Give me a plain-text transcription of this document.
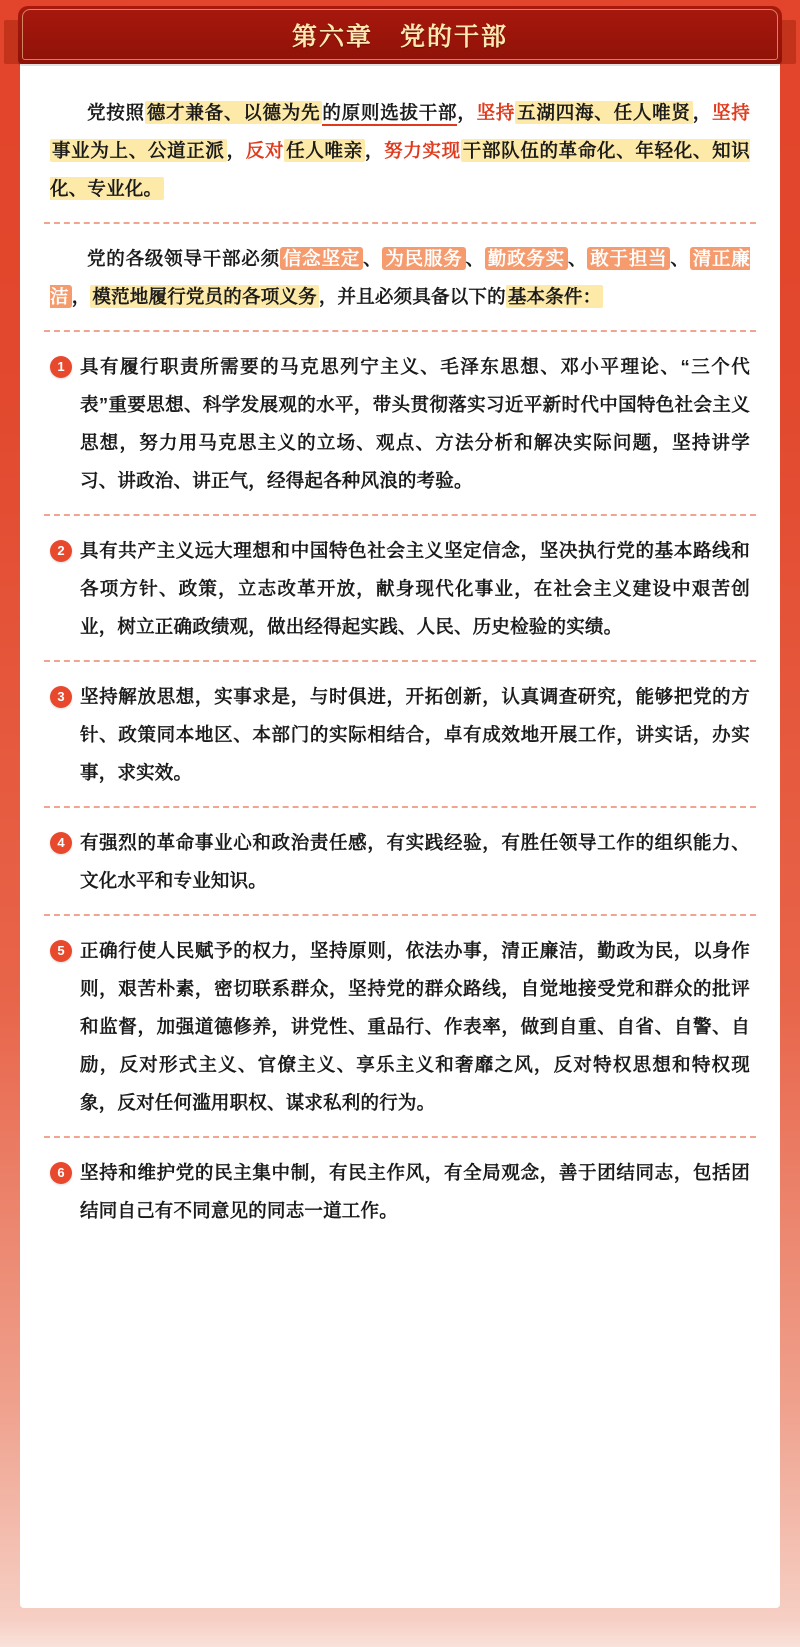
第六章　党的干部

党按照 德才兼备、以德为先 的原则选拔干部，坚持 五湖四海、任人唯贤 ，坚持事业为上、公道正派 ，反对 任人唯亲 ，努力实现 干部队伍的革命化、年轻化、知识化、专业化。

党的各级领导干部必须 信念坚定 、 为民服务 、 勤政务实 、 敢于担当 、 清正廉洁 ， 模范地履行党员的各项义务 ，并且必须具备以下的 基本条件：

1 具有履行职责所需要的马克思列宁主义、毛泽东思想、邓小平理论、“三个代表”重要思想、科学发展观的水平，带头贯彻落实习近平新时代中国特色社会主义思想，努力用马克思主义的立场、观点、方法分析和解决实际问题，坚持讲学习、讲政治、讲正气，经得起各种风浪的考验。

2 具有共产主义远大理想和中国特色社会主义坚定信念，坚决执行党的基本路线和各项方针、政策，立志改革开放，献身现代化事业，在社会主义建设中艰苦创业，树立正确政绩观，做出经得起实践、人民、历史检验的实绩。

3 坚持解放思想，实事求是，与时俱进，开拓创新，认真调查研究，能够把党的方针、政策同本地区、本部门的实际相结合，卓有成效地开展工作，讲实话，办实事，求实效。

4 有强烈的革命事业心和政治责任感，有实践经验，有胜任领导工作的组织能力、文化水平和专业知识。

5 正确行使人民赋予的权力，坚持原则，依法办事，清正廉洁，勤政为民，以身作则，艰苦朴素，密切联系群众，坚持党的群众路线，自觉地接受党和群众的批评和监督，加强道德修养，讲党性、重品行、作表率，做到自重、自省、自警、自励，反对形式主义、官僚主义、享乐主义和奢靡之风，反对特权思想和特权现象，反对任何滥用职权、谋求私利的行为。

6 坚持和维护党的民主集中制，有民主作风，有全局观念，善于团结同志，包括团结同自己有不同意见的同志一道工作。
